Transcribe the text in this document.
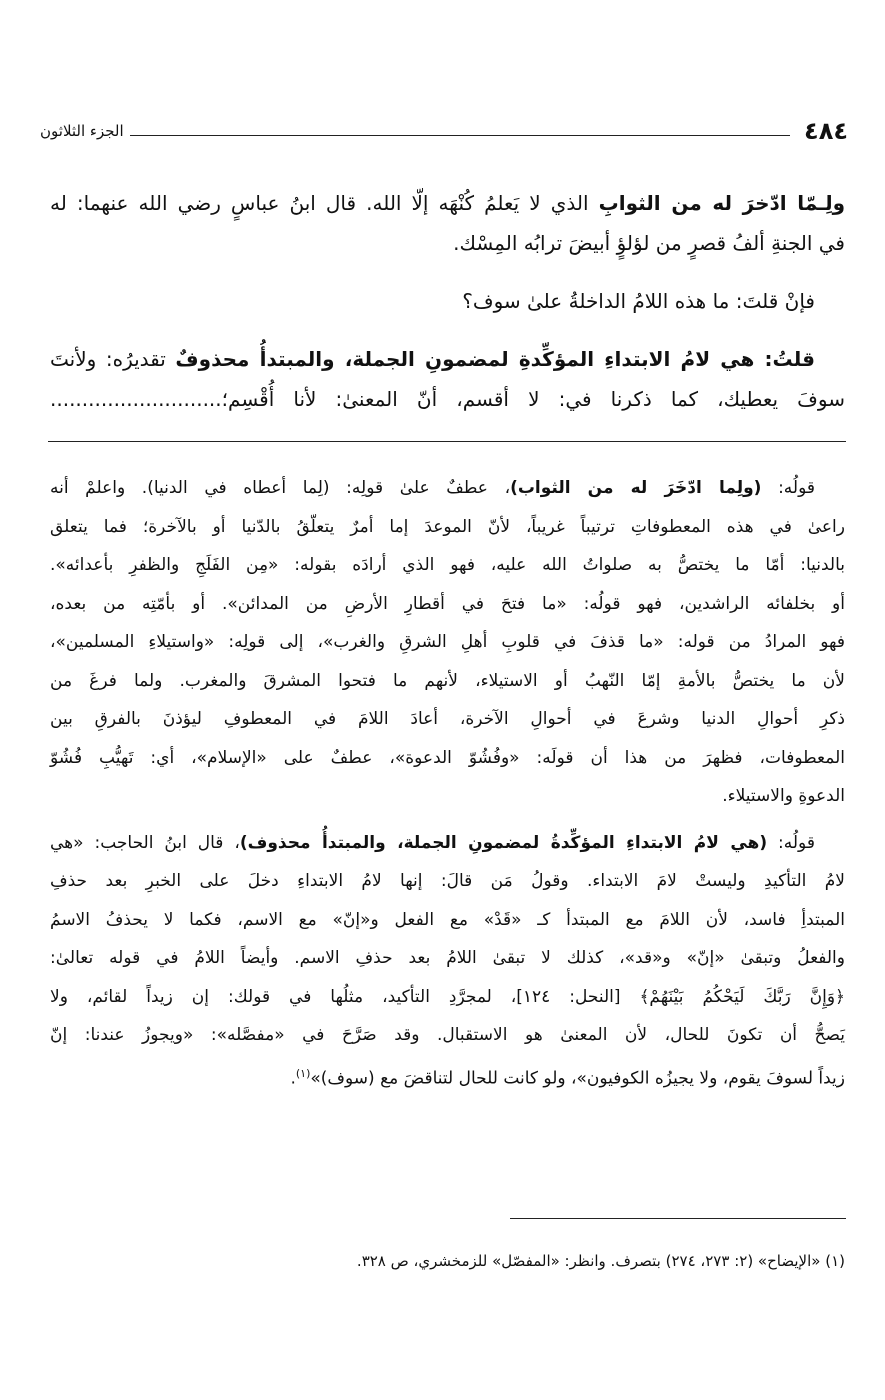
٤٨٤
الجزء الثلاثون
ولِـمّا ادّخرَ له من الثوابِ الذي لا يَعلمُ كُنْهَه إلّا الله. قال ابنُ عباسٍ رضي الله عنهما: له
في الجنةِ ألفُ قصرٍ من لؤلؤٍ أبيضَ ترابُه المِسْك.
فإنْ قلتَ: ما هذه اللامُ الداخلةُ علىٰ سوف؟
قلتُ: هي لامُ الابتداءِ المؤكِّدةِ لمضمونِ الجملة، والمبتدأُ محذوفٌ تقديرُه: ولأنتَ
سوفَ يعطيك، كما ذكرنا في: لا أقسم، أنّ المعنىٰ: لأنا أُقْسِم؛...........................
قولُه: (ولِما ادّخَرَ له من الثواب)، عطفٌ علىٰ قولِه: (لِما أعطاه في الدنيا). واعلمْ أنه
راعىٰ في هذه المعطوفاتِ ترتيباً غريباً، لأنّ الموعدَ إما أمرٌ يتعلّقُ بالدّنيا أو بالآخرة؛ فما يتعلق
بالدنيا: أمّا ما يختصُّ به صلواتُ الله عليه، فهو الذي أرادَه بقوله: «مِن الفَلَجِ والظفرِ بأعدائه».
أو بخلفائه الراشدين، فهو قولُه: «ما فتحَ في أقطارِ الأرضِ من المدائن». أو بأمّتِه من بعده،
فهو المرادُ من قوله: «ما قذفَ في قلوبِ أهلِ الشرقِ والغرب»، إلى قولِه: «واستيلاءِ المسلمين»،
لأن ما يختصُّ بالأمةِ إمّا النّهبُ أو الاستيلاء، لأنهم ما فتحوا المشرقَ والمغرب. ولما فرغَ من
ذكرِ أحوالِ الدنيا وشرعَ في أحوالِ الآخرة، أعادَ اللامَ في المعطوفِ ليؤذنَ بالفرقِ بين
المعطوفات، فظهرَ من هذا أن قولَه: «وفُشُوّ الدعوة»، عطفٌ على «الإسلام»، أي: تَهيُّبِ فُشُوّ
الدعوةِ والاستيلاء.
قولُه: (هي لامُ الابتداءِ المؤكِّدةُ لمضمونِ الجملة، والمبتدأُ محذوف)، قال ابنُ الحاجب: «هي
لامُ التأكيدِ وليستْ لامَ الابتداء. وقولُ مَن قالَ: إنها لامُ الابتداءِ دخلَ على الخبرِ بعد حذفِ
المبتدأِ فاسد، لأن اللامَ مع المبتدأ كـ «قَدْ» مع الفعل و«إنّ» مع الاسم، فكما لا يحذفُ الاسمُ
والفعلُ وتبقىٰ «إنّ» و«قد»، كذلك لا تبقىٰ اللامُ بعد حذفِ الاسم. وأيضاً اللامُ في قوله تعالىٰ:
﴿وَإِنَّ رَبَّكَ لَيَحْكُمُ بَيْنَهُمْ﴾ [النحل: ١٢٤]، لمجرَّدِ التأكيد، مثلُها في قولك: إن زيداً لقائم، ولا
يَصحُّ أن تكونَ للحال، لأن المعنىٰ هو الاستقبال. وقد صَرَّحَ في «مفصَّله»: «ويجوزُ عندنا: إنّ
زيداً لسوفَ يقوم، ولا يجيزُه الكوفيون»، ولو كانت للحال لتناقضَ مع (سوف)»$^{(١)}$.
(١) «الإيضاح» (٢: ٢٧٣، ٢٧٤) بتصرف. وانظر: «المفصّل» للزمخشري، ص ٣٢٨.
